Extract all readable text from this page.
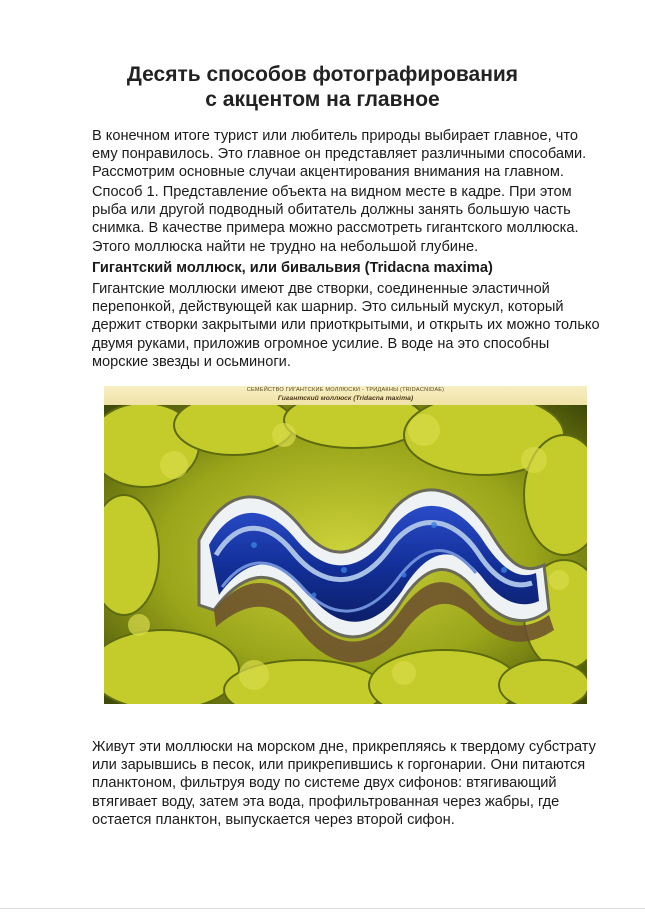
Десять способов фотографирования
с акцентом на главное
В конечном итоге турист или любитель природы выбирает главное, что ему понравилось. Это главное он представляет различными способами. Рассмотрим основные случаи акцентирования внимания на главном.
Способ 1. Представление объекта на видном месте в кадре. При этом рыба или другой подводный обитатель должны занять большую часть снимка. В качестве примера можно рассмотреть гигантского моллюска. Этого моллюска найти не трудно на небольшой глубине.
Гигантский моллюск, или бивальвия (Tridacna maxima)
Гигантские моллюски имеют две створки, соединенные эластичной перепонкой, действующей как шарнир. Это сильный мускул, который держит створки закрытыми или приоткрытыми, и открыть их можно только двумя руками, приложив огромное усилие. В воде на это способны морские звезды и осьминоги.
СЕМЕЙСТВО ГИГАНТСКИЕ МОЛЛЮСКИ - ТРИДАКНЫ (TRIDACNIDAE)
Гигантский моллюск (Tridacna maxima)
Живут эти моллюски на морском дне, прикрепляясь к твердому субстрату или зарывшись в песок, или прикрепившись к горгонарии. Они питаются планктоном, фильтруя воду по системе двух сифонов: втягивающий втягивает воду, затем эта вода, профильтрованная через жабры, где остается планктон, выпускается через второй сифон.
